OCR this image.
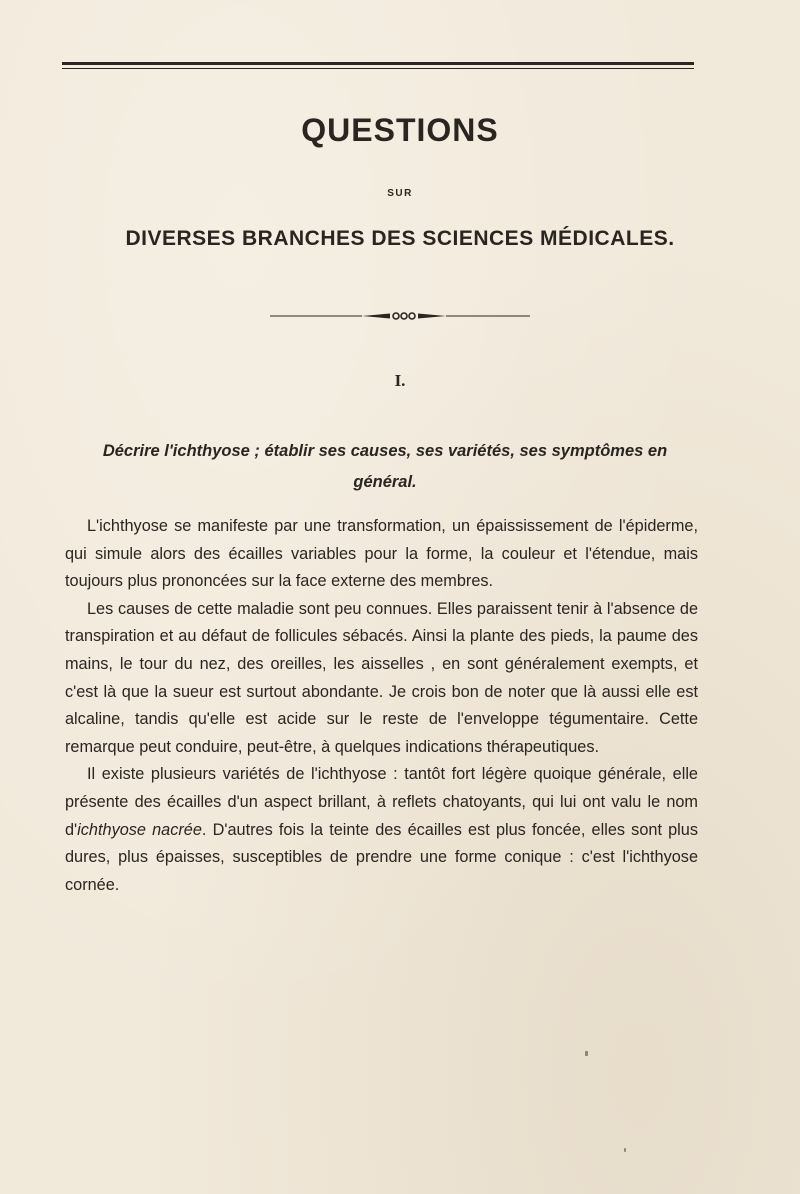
QUESTIONS
SUR
DIVERSES BRANCHES DES SCIENCES MÉDICALES.
I.

Décrire l'ichthyose ; établir ses causes, ses variétés, ses symptômes en
général.

L'ichthyose se manifeste par une transformation, un épaississement de l'épiderme, qui simule alors des écailles variables pour la forme, la couleur et l'étendue, mais toujours plus prononcées sur la face externe des membres.

Les causes de cette maladie sont peu connues. Elles paraissent tenir à l'absence de transpiration et au défaut de follicules sébacés. Ainsi la plante des pieds, la paume des mains, le tour du nez, des oreilles, les aisselles , en sont généralement exempts, et c'est là que la sueur est surtout abondante. Je crois bon de noter que là aussi elle est alcaline, tandis qu'elle est acide sur le reste de l'enveloppe tégumentaire. Cette remarque peut conduire, peut-être, à quelques indications thérapeutiques.

Il existe plusieurs variétés de l'ichthyose : tantôt fort légère quoique générale, elle présente des écailles d'un aspect brillant, à reflets chatoyants, qui lui ont valu le nom d'ichthyose nacrée. D'autres fois la teinte des écailles est plus foncée, elles sont plus dures, plus épaisses, susceptibles de prendre une forme conique : c'est l'ichthyose cornée.
